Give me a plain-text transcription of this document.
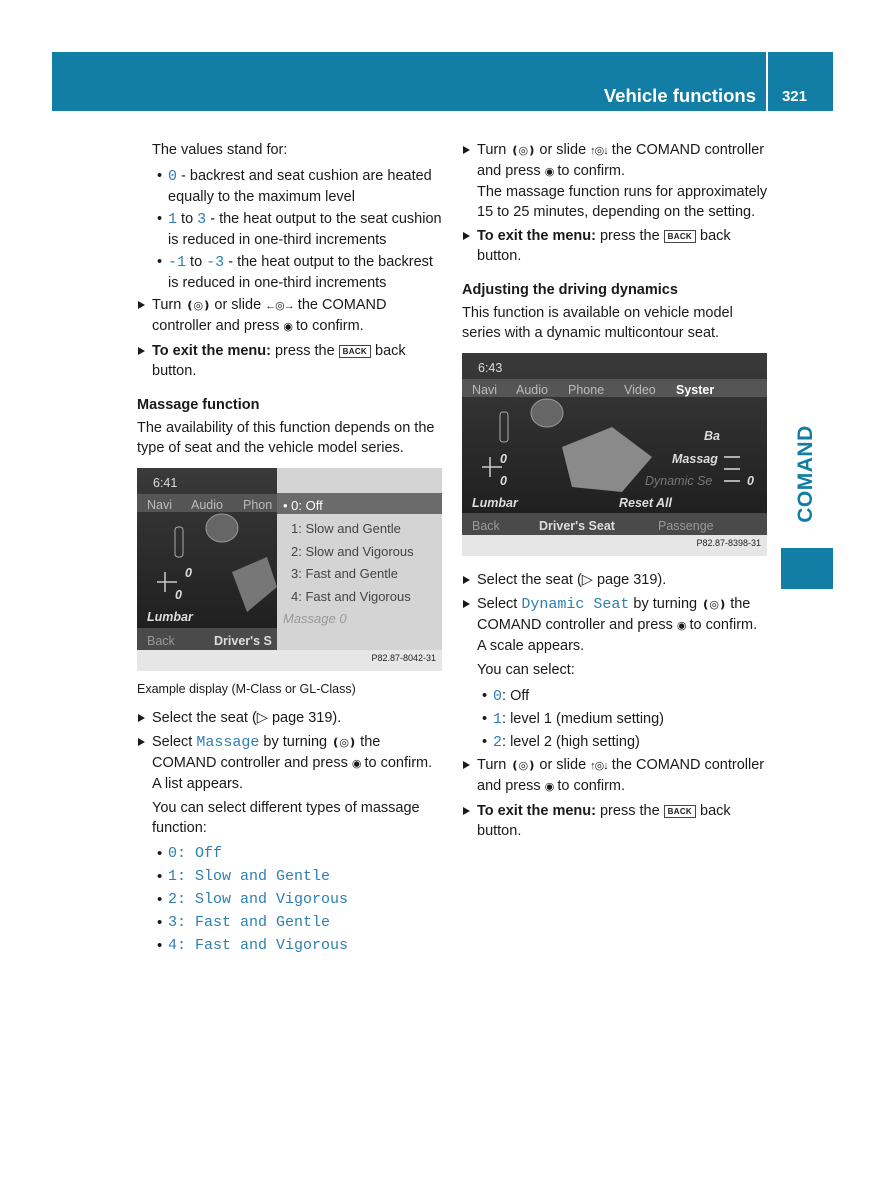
Vehicle functions 321
COMAND

The values stand for:

• 0 - backrest and seat cushion are heated equally to the maximum level
• 1 to 3 - the heat output to the seat cushion is reduced in one-third increments
• -1 to -3 - the heat output to the backrest is reduced in one-third increments
Turn ❪◎❫ or slide ←◎→ the COMAND controller and press ◉ to confirm.
To exit the menu: press the BACK back button.

Massage function

The availability of this function depends on the type of seat and the vehicle model series.

6:41
Navi Audio Phon
0
0
Lumbar
Back	Driver's S
• 0: Off
1: Slow and Gentle
2: Slow and Vigorous
3: Fast and Gentle
4: Fast and Vigorous
Massage 0
P82.87-8042-31

Example display (M-Class or GL-Class)

Select the seat (▷ page 319).
Select Massage by turning ❪◎❫ the COMAND controller and press ◉ to confirm.
A list appears.

You can select different types of massage function:

• 0: Off
• 1: Slow and Gentle
• 2: Slow and Vigorous
• 3: Fast and Gentle
• 4: Fast and Vigorous
Turn ❪◎❫ or slide ↑◎↓ the COMAND controller and press ◉ to confirm.
The massage function runs for approximately 15 to 25 minutes, depending on the setting.
To exit the menu: press the BACK back button.

Adjusting the driving dynamics

This function is available on vehicle model series with a dynamic multicontour seat.

6:43
Navi Audio Phone Video Syster
Ba
Massag
Dynamic Se	0
0
0
Lumbar	Reset All
Back	Driver's Seat	Passenge
P82.87-8398-31
Select the seat (▷ page 319).
Select Dynamic Seat by turning ❪◎❫ the COMAND controller and press ◉ to confirm.
A scale appears.

You can select:

• 0: Off
• 1: level 1 (medium setting)
• 2: level 2 (high setting)
Turn ❪◎❫ or slide ↑◎↓ the COMAND controller and press ◉ to confirm.
To exit the menu: press the BACK back button.
